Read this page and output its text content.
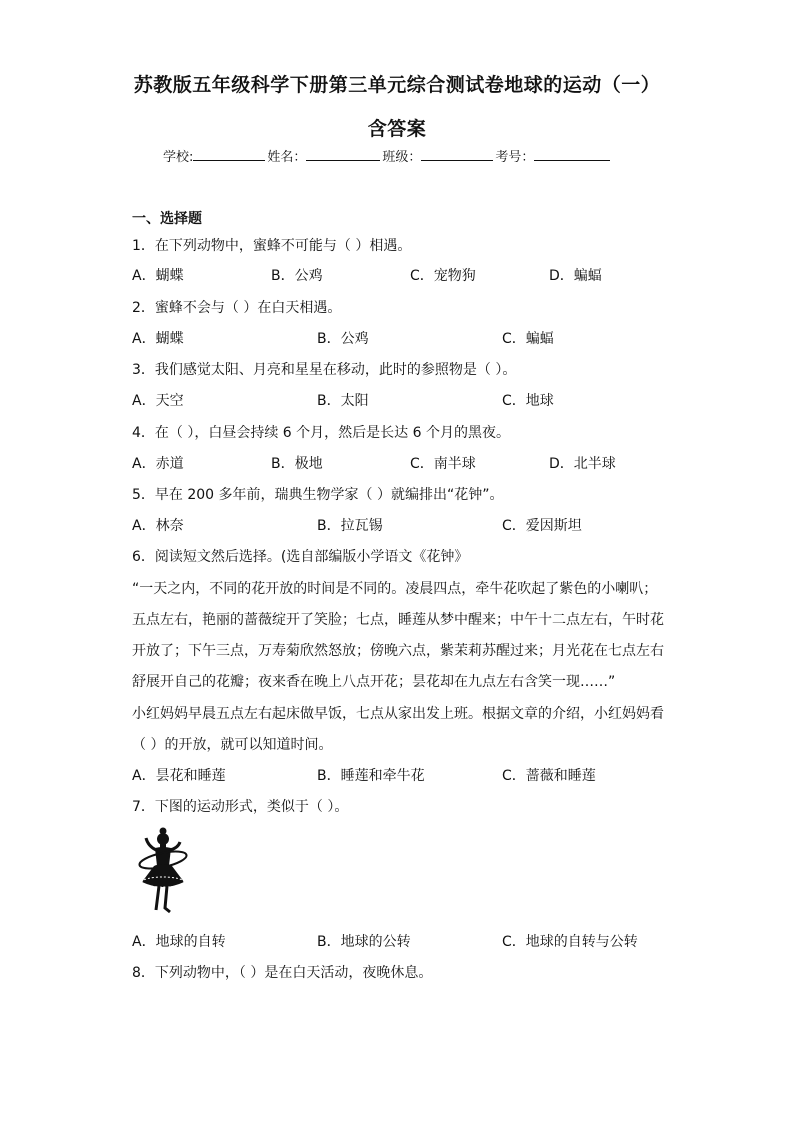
苏教版五年级科学下册第三单元综合测试卷地球的运动（一）
含答案
学校:	姓名：	班级：	考号：
一、选择题
1．在下列动物中，蜜蜂不可能与（ ）相遇。
A．蝴蝶	B．公鸡	C．宠物狗	D．蝙蝠
2．蜜蜂不会与（ ）在白天相遇。
A．蝴蝶	B．公鸡	C．蝙蝠
3．我们感觉太阳、月亮和星星在移动，此时的参照物是（ ）。
A．天空	B．太阳	C．地球
4．在（ ），白昼会持续 6 个月，然后是长达 6 个月的黑夜。
A．赤道	B．极地	C．南半球	D．北半球
5．早在 200 多年前，瑞典生物学家（ ）就编排出“花钟”。
A．林奈	B．拉瓦锡	C．爱因斯坦
6．阅读短文然后选择。(选自部编版小学语文《花钟》
“一天之内，不同的花开放的时间是不同的。凌晨四点，牵牛花吹起了紫色的小喇叭；
五点左右，艳丽的蔷薇绽开了笑脸；七点，睡莲从梦中醒来；中午十二点左右，午时花
开放了；下午三点，万寿菊欣然怒放；傍晚六点，紫茉莉苏醒过来；月光花在七点左右
舒展开自己的花瓣；夜来香在晚上八点开花；昙花却在九点左右含笑一现……”
小红妈妈早晨五点左右起床做早饭，七点从家出发上班。根据文章的介绍，小红妈妈看
（ ）的开放，就可以知道时间。
A．昙花和睡莲	B．睡莲和牵牛花	C．蔷薇和睡莲
7．下图的运动形式，类似于（ ）。
A．地球的自转	B．地球的公转	C．地球的自转与公转
8．下列动物中，（ ）是在白天活动，夜晚休息。
